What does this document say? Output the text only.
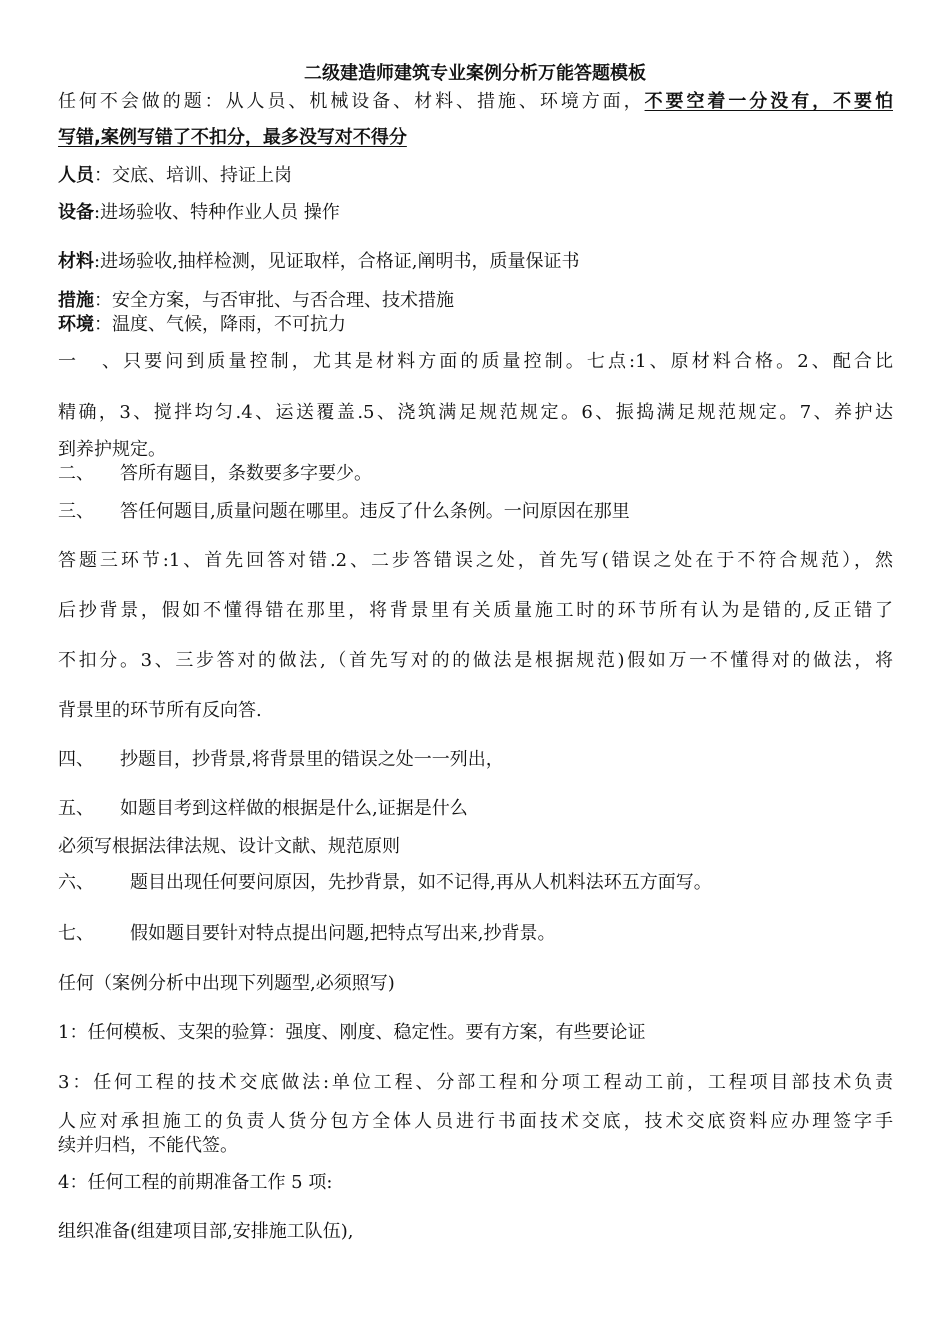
二级建造师建筑专业案例分析万能答题模板
任何不会做的题：从人员、机械设备、材料、措施、环境方面，不要空着一分没有，不要怕
写错,案例写错了不扣分，最多没写对不得分
人员：交底、培训、持证上岗
设备:进场验收、特种作业人员 操作
材料:进场验收,抽样检测，见证取样，合格证,阐明书，质量保证书
措施：安全方案，与否审批、与否合理、技术措施
环境：温度、气候，降雨，不可抗力
一、只要问到质量控制，尤其是材料方面的质量控制。七点:1、原材料合格。2、配合比
精确，3、搅拌均匀.4、运送覆盖.5、浇筑满足规范规定。6、振捣满足规范规定。7、养护达
到养护规定。
二、 答所有题目，条数要多字要少。
三、 答任何题目,质量问题在哪里。违反了什么条例。一问原因在那里
答题三环节:1、首先回答对错.2、二步答错误之处，首先写(错误之处在于不符合规范），然
后抄背景，假如不懂得错在那里，将背景里有关质量施工时的环节所有认为是错的,反正错了
不扣分。3、三步答对的做法,（首先写对的的做法是根据规范)假如万一不懂得对的做法，将
背景里的环节所有反向答.
四、 抄题目，抄背景,将背景里的错误之处一一列出，
五、 如题目考到这样做的根据是什么,证据是什么
必须写根据法律法规、设计文献、规范原则
六、 题目出现任何要问原因，先抄背景，如不记得,再从人机料法环五方面写。
七、 假如题目要针对特点提出问题,把特点写出来,抄背景。
任何（案例分析中出现下列题型,必须照写)
1：任何模板、支架的验算：强度、刚度、稳定性。要有方案，有些要论证
3：任何工程的技术交底做法:单位工程、分部工程和分项工程动工前，工程项目部技术负责
人应对承担施工的负责人货分包方全体人员进行书面技术交底，技术交底资料应办理签字手
续并归档，不能代签。
4：任何工程的前期准备工作 5 项:
组织准备(组建项目部,安排施工队伍),
